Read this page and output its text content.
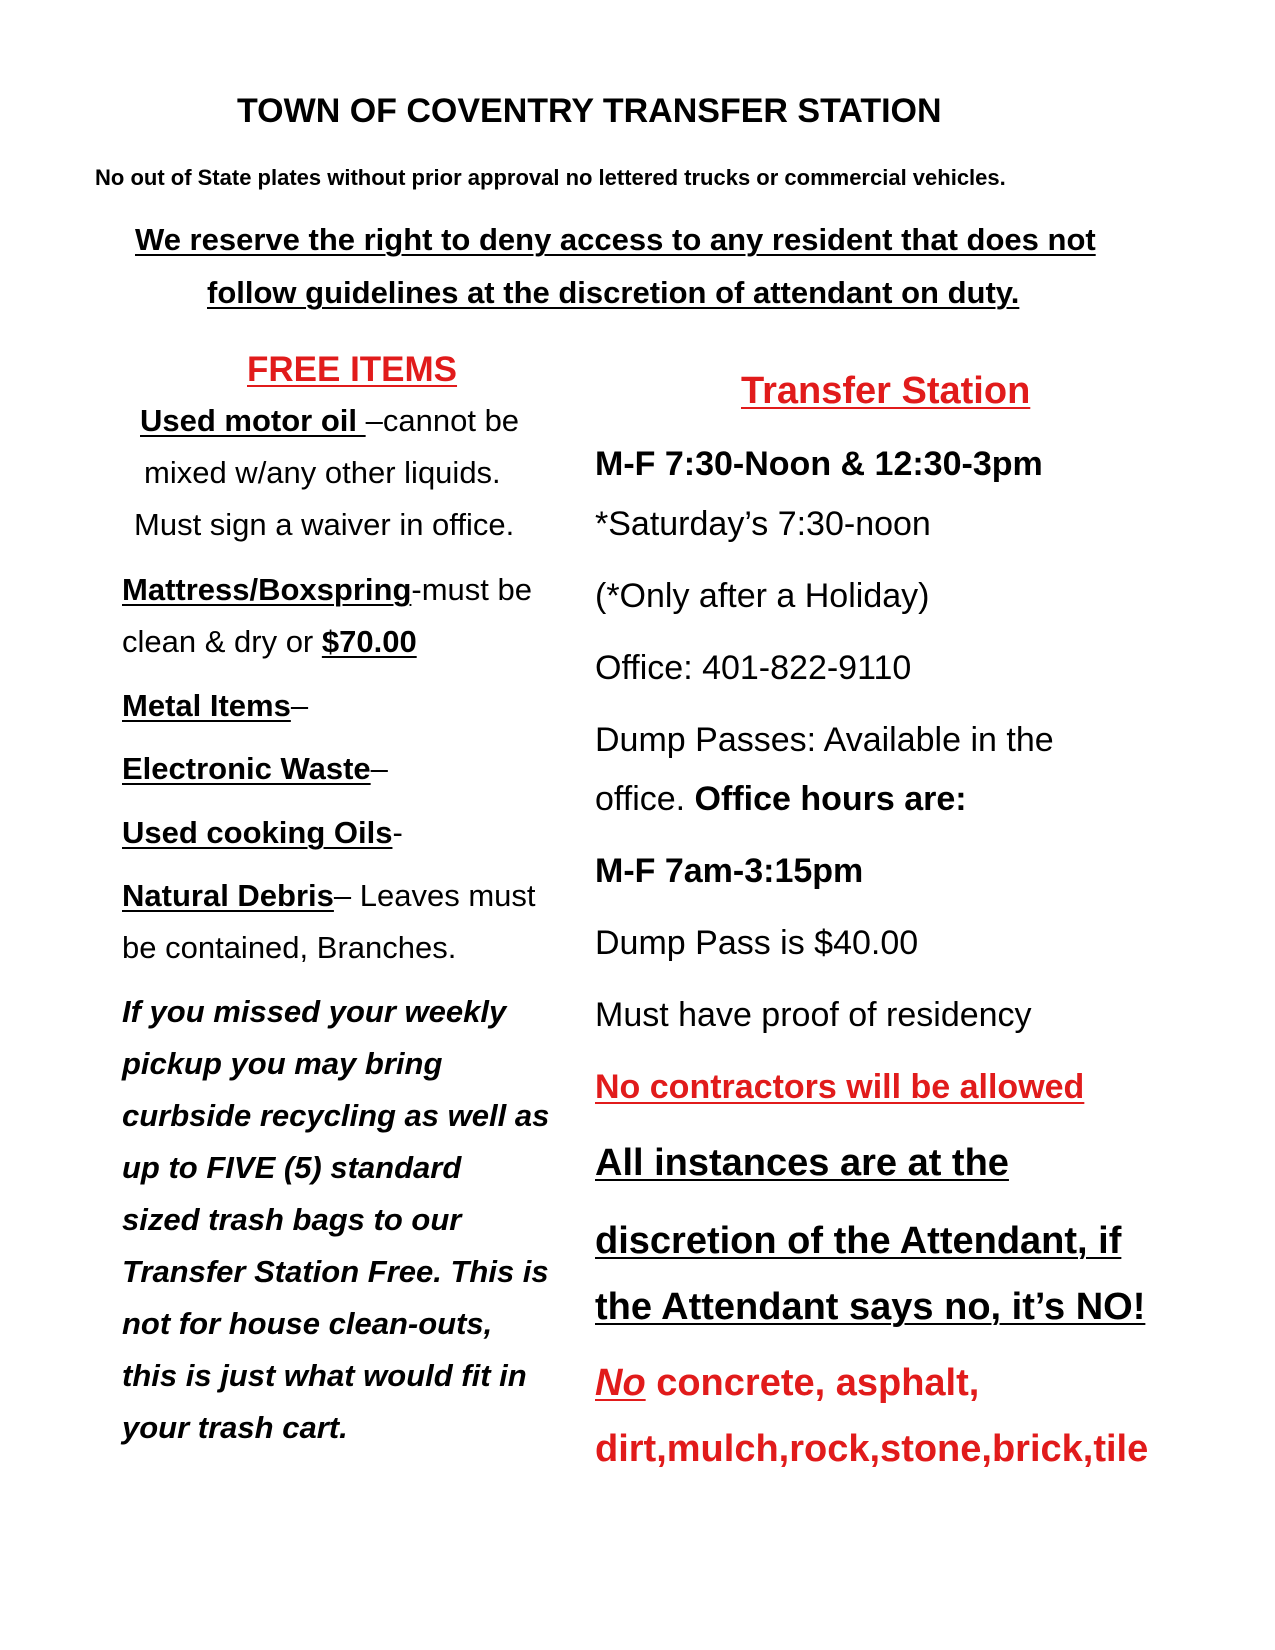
TOWN OF COVENTRY TRANSFER STATION
No out of State plates without prior approval no lettered trucks or commercial vehicles.
We reserve the right to deny access to any resident that does not
follow guidelines at the discretion of attendant on duty.
FREE ITEMS
Used motor oil –cannot be
mixed w/any other liquids.
Must sign a waiver in office.
Mattress/Boxspring-must be
clean & dry or $70.00
Metal Items–
Electronic Waste–
Used cooking Oils-
Natural Debris– Leaves must
be contained, Branches.
If you missed your weekly
pickup you may bring
curbside recycling as well as
up to FIVE (5) standard
sized trash bags to our
Transfer Station Free. This is
not for house clean-outs,
this is just what would fit in
your trash cart.
Transfer Station
M-F 7:30-Noon & 12:30-3pm
*Saturday’s 7:30-noon
(*Only after a Holiday)
Office: 401-822-9110
Dump Passes: Available in the
office. Office hours are:
M-F 7am-3:15pm
Dump Pass is $40.00
Must have proof of residency
No contractors will be allowed
All instances are at the
discretion of the Attendant, if
the Attendant says no, it’s NO!
No concrete, asphalt,
dirt,mulch,rock,stone,brick,tile
